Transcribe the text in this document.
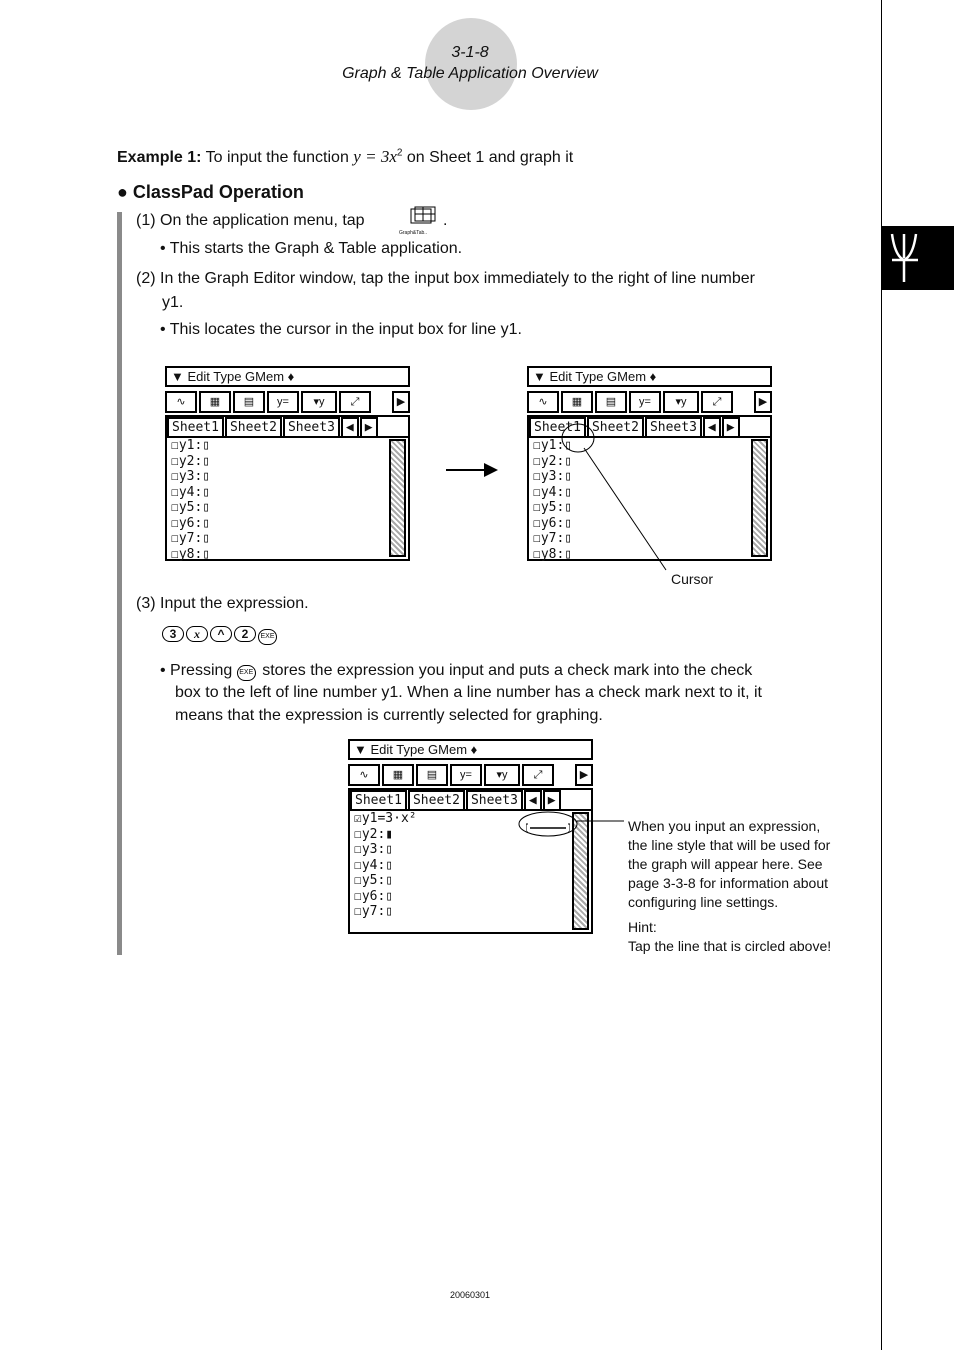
3-1-8
Graph & Table Application Overview
Example 1: To input the function $y = 3x^2$ on Sheet 1 and graph it
● ClassPad Operation
(1) On the application menu, tap
Graph&Tab..
.
• This starts the Graph & Table application.
(2) In the Graph Editor window, tap the input box immediately to the right of line number
y1.
• This locates the cursor in the input box for line y1.
▼ Edit Type GMem ♦
∿	▦	▤	y=	▾y	⤢	▶
Sheet1 Sheet2 Sheet3 ◀ ▶
☐y1:▯
☐y2:▯
☐y3:▯
☐y4:▯
☐y5:▯
☐y6:▯
☐y7:▯
☐y8:▯
▼ Edit Type GMem ♦
∿	▦	▤	y=	▾y	⤢	▶
Sheet1 Sheet2 Sheet3 ◀ ▶
☐y1:▯
☐y2:▯
☐y3:▯
☐y4:▯
☐y5:▯
☐y6:▯
☐y7:▯
☐y8:▯
Cursor
(3) Input the expression.
3 x ^ 2 EXE
• Pressing EXE stores the expression you input and puts a check mark into the check
box to the left of line number y1. When a line number has a check mark next to it, it
means that the expression is currently selected for graphing.
▼ Edit Type GMem ♦
∿	▦	▤	y=	▾y	⤢	▶
Sheet1 Sheet2 Sheet3 ◀ ▶
☑y1=3·x²
☐y2:▮
☐y3:▯
☐y4:▯
☐y5:▯
☐y6:▯
☐y7:▯
When you input an expression,
the line style that will be used for
the graph will appear here. See
page 3-3-8 for information about
configuring line settings.
Hint:
Tap the line that is circled above!
20060301
